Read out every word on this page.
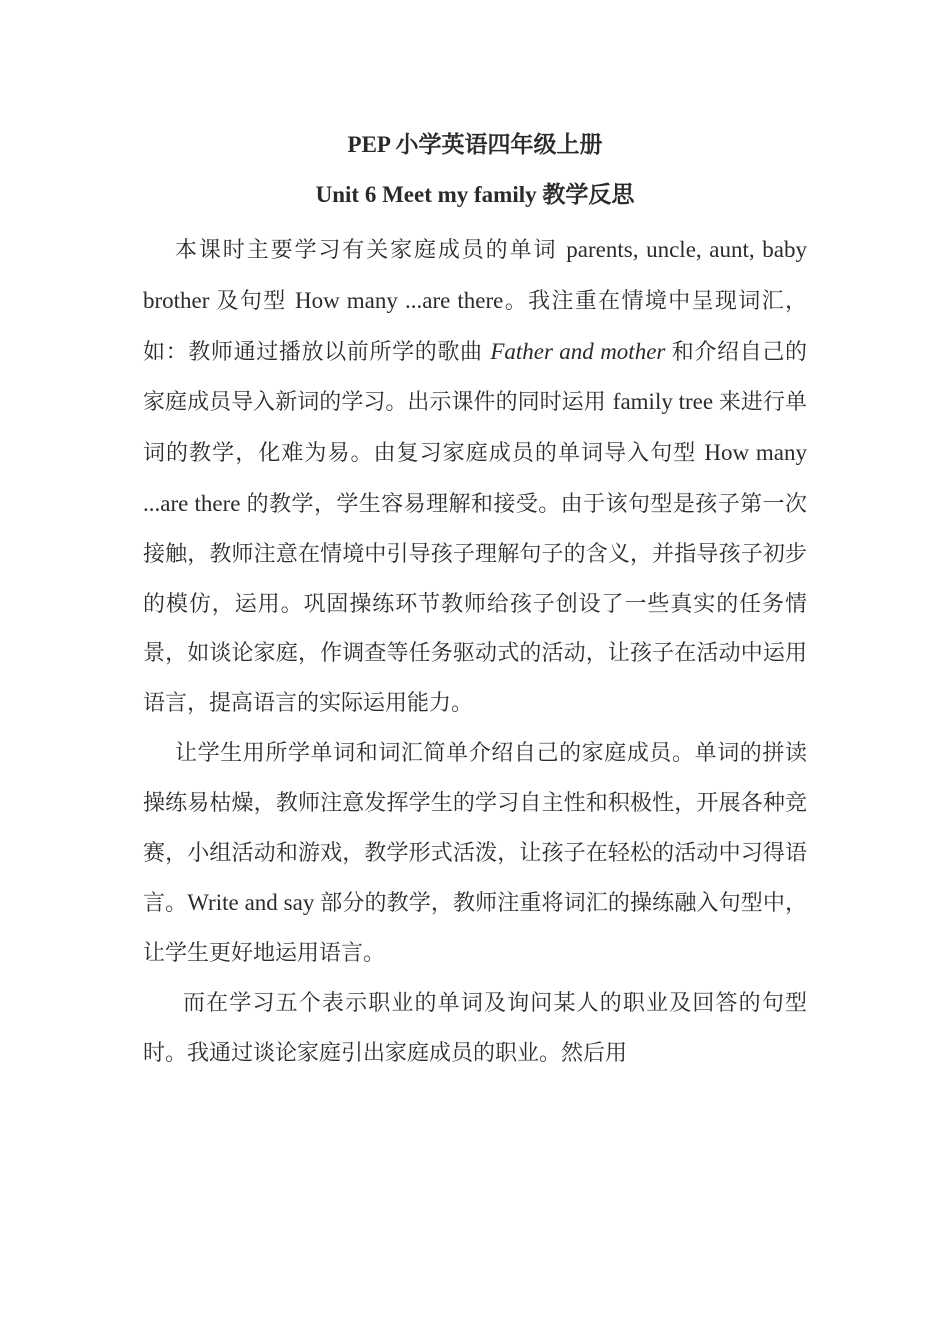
PEP 小学英语四年级上册
Unit 6 Meet my family 教学反思

本课时主要学习有关家庭成员的单词 parents, uncle, aunt, baby brother 及句型 How many ...are there。我注重在情境中呈现词汇，如：教师通过播放以前所学的歌曲 Father and mother 和介绍自己的家庭成员导入新词的学习。出示课件的同时运用 family tree 来进行单词的教学，化难为易。由复习家庭成员的单词导入句型 How many ...are there 的教学，学生容易理解和接受。由于该句型是孩子第一次接触，教师注意在情境中引导孩子理解句子的含义，并指导孩子初步的模仿，运用。巩固操练环节教师给孩子创设了一些真实的任务情景，如谈论家庭，作调查等任务驱动式的活动，让孩子在活动中运用语言，提高语言的实际运用能力。

让学生用所学单词和词汇简单介绍自己的家庭成员。单词的拼读操练易枯燥，教师注意发挥学生的学习自主性和积极性，开展各种竞赛，小组活动和游戏，教学形式活泼，让孩子在轻松的活动中习得语言。Write and say 部分的教学，教师注重将词汇的操练融入句型中，让学生更好地运用语言。

而在学习五个表示职业的单词及询问某人的职业及回答的句型时。我通过谈论家庭引出家庭成员的职业。然后用
